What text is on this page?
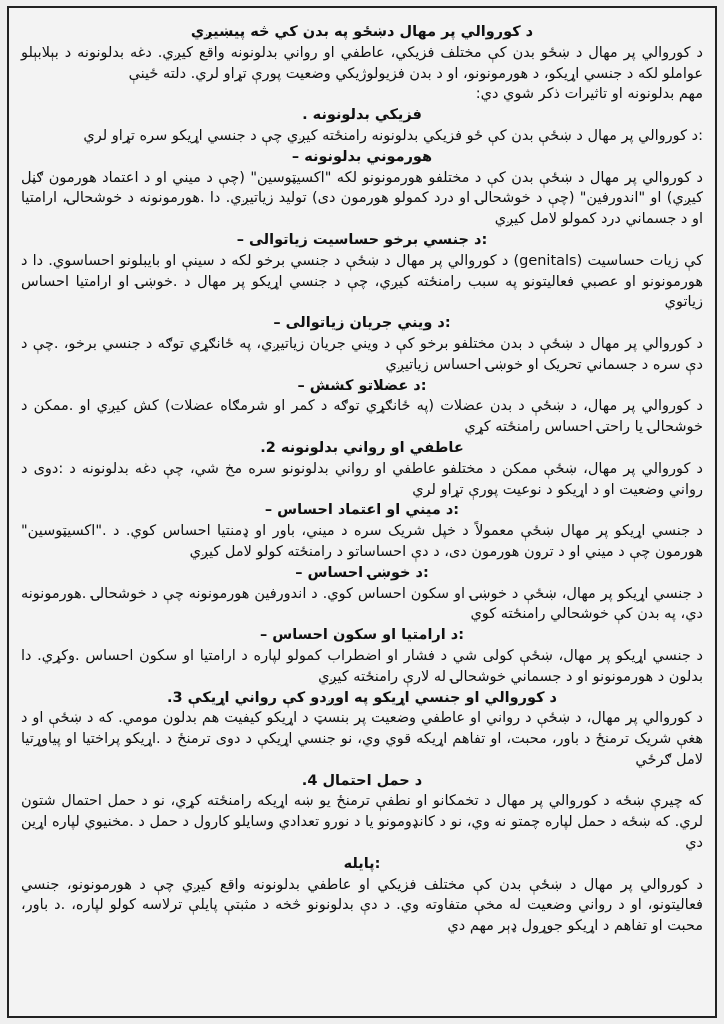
د کوروالي پر مهال دښځو په بدن کي څه پيښيږي

د کوروالي پر مهال د ښځو بدن کې مختلف فزيکي، عاطفي او رواني بدلونونه واقع کيږي. دغه بدلونونه د بېلابېلو عواملو لکه د جنسي اړيکو، د هورمونونو، او د بدن فزيولوژيکي وضعيت پورې تړاو لري. دلته ځينې

مهم بدلونونه او تاثيرات ذکر شوي دي:

فزيکي بدلونونه .

:د کوروالي پر مهال د ښځې بدن کې ځو فزيکي بدلونونه رامنځته کيږي چې د جنسي اړيکو سره تړاو لري

هورموني بدلونونه –

د کوروالي پر مهال د ښځې بدن کې د مختلفو هورمونونو لکه "اکسيټوسين" (چې د ميني او د اعتماد هورمون ګڼل کيږي) او "اندورفين" (چې د خوشحالۍ او درد کمولو هورمون دی) توليد زياتيږي. دا .هورمونونه د خوشحالۍ، ارامتيا او د جسماني درد کمولو لامل کيږي

:د جنسي برخو حساسيت زياتوالی –

کې زيات حساسيت (genitals) د کوروالي پر مهال د ښځې د جنسي برخو لکه د سينې او بايبلونو احساسوي. دا د هورمونونو او عصبي فعاليتونو په سبب رامنځته کيږي، چې د جنسي اړيکو پر مهال د .خوښۍ او ارامتيا احساس زياتوي

:د ويني جريان زياتوالی –

د کوروالي پر مهال د ښځې د بدن مختلفو برخو کې د ويني جريان زياتيږي، په ځانګړي توګه د جنسي برخو، .چې د دې سره د جسماني تحريک او خوښۍ احساس زياتيږي

:د عضلاتو کشش –

د کوروالي پر مهال، د ښځې د بدن عضلات (په ځانګړي توګه د کمر او شرمګاه عضلات) کش کيږي او .ممکن د خوشحالۍ يا راحتۍ احساس رامنځته کړي

عاطفي او رواني بدلونونه 2.

د کوروالي پر مهال، ښځې ممکن د مختلفو عاطفي او رواني بدلونونو سره مخ شي، چې دغه بدلونونه د :دوی د رواني وضعيت او د اړيکو د نوعيت پورې تړاو لري

:د ميني او اعتماد احساس –

د جنسي اړيکو پر مهال ښځې معمولاً د خپل شريک سره د ميني، باور او ډمنتيا احساس کوي. د ."اکسيټوسين" هورمون چې د ميني او د ترون هورمون دی، د دې احساساتو د رامنځته کولو لامل کيږي

:د خوښۍ احساس –

د جنسي اړيکو پر مهال، ښځې د خوښۍ او سکون احساس کوي. د اندورفين هورمونونه چې د خوشحالۍ .هورمونونه دي، په بدن کې خوشحالي رامنځته کوي

:د ارامتيا او سکون احساس –

د جنسي اړيکو پر مهال، ښځې کولی شي د فشار او اضطراب کمولو لپاره د ارامتيا او سکون احساس .وکړي. دا بدلون د هورمونونو او د جسماني خوشحالۍ له لارې رامنځته کيږي

د کوروالي او جنسي اړيکو په اوږدو کې رواني اړيکې 3.

د کوروالي پر مهال، د ښځې د رواني او عاطفي وضعيت پر بنسټ د اړيکو کيفيت هم بدلون مومي. که د ښځې او د هغې شريک ترمنځ د باور، محبت، او تفاهم اړيکه قوي وي، نو جنسي اړيکې د دوی ترمنځ د .اړيکو پراختيا او پياوړتيا لامل ګرځي

د حمل احتمال 4.

که چيرې ښځه د کوروالي پر مهال د تخمکانو او نطفې ترمنځ يو ښه اړيکه رامنځته کړي، نو د حمل احتمال شتون لري. که ښځه د حمل لپاره چمتو نه وي، نو د کانډومونو يا د نورو تعدادي وسايلو کارول د حمل د .مخنيوي لپاره اړين دي

:پايله

د کوروالي پر مهال د ښځې بدن کې مختلف فزيکي او عاطفي بدلونونه واقع کيږي چې د هورمونونو، جنسي فعاليتونو، او د رواني وضعيت له مخې متفاوته وي. د دې بدلونونو څخه د مثبتې پايلې ترلاسه کولو لپاره، .د باور، محبت او تفاهم د اړيکو جوړول ډېر مهم دي
